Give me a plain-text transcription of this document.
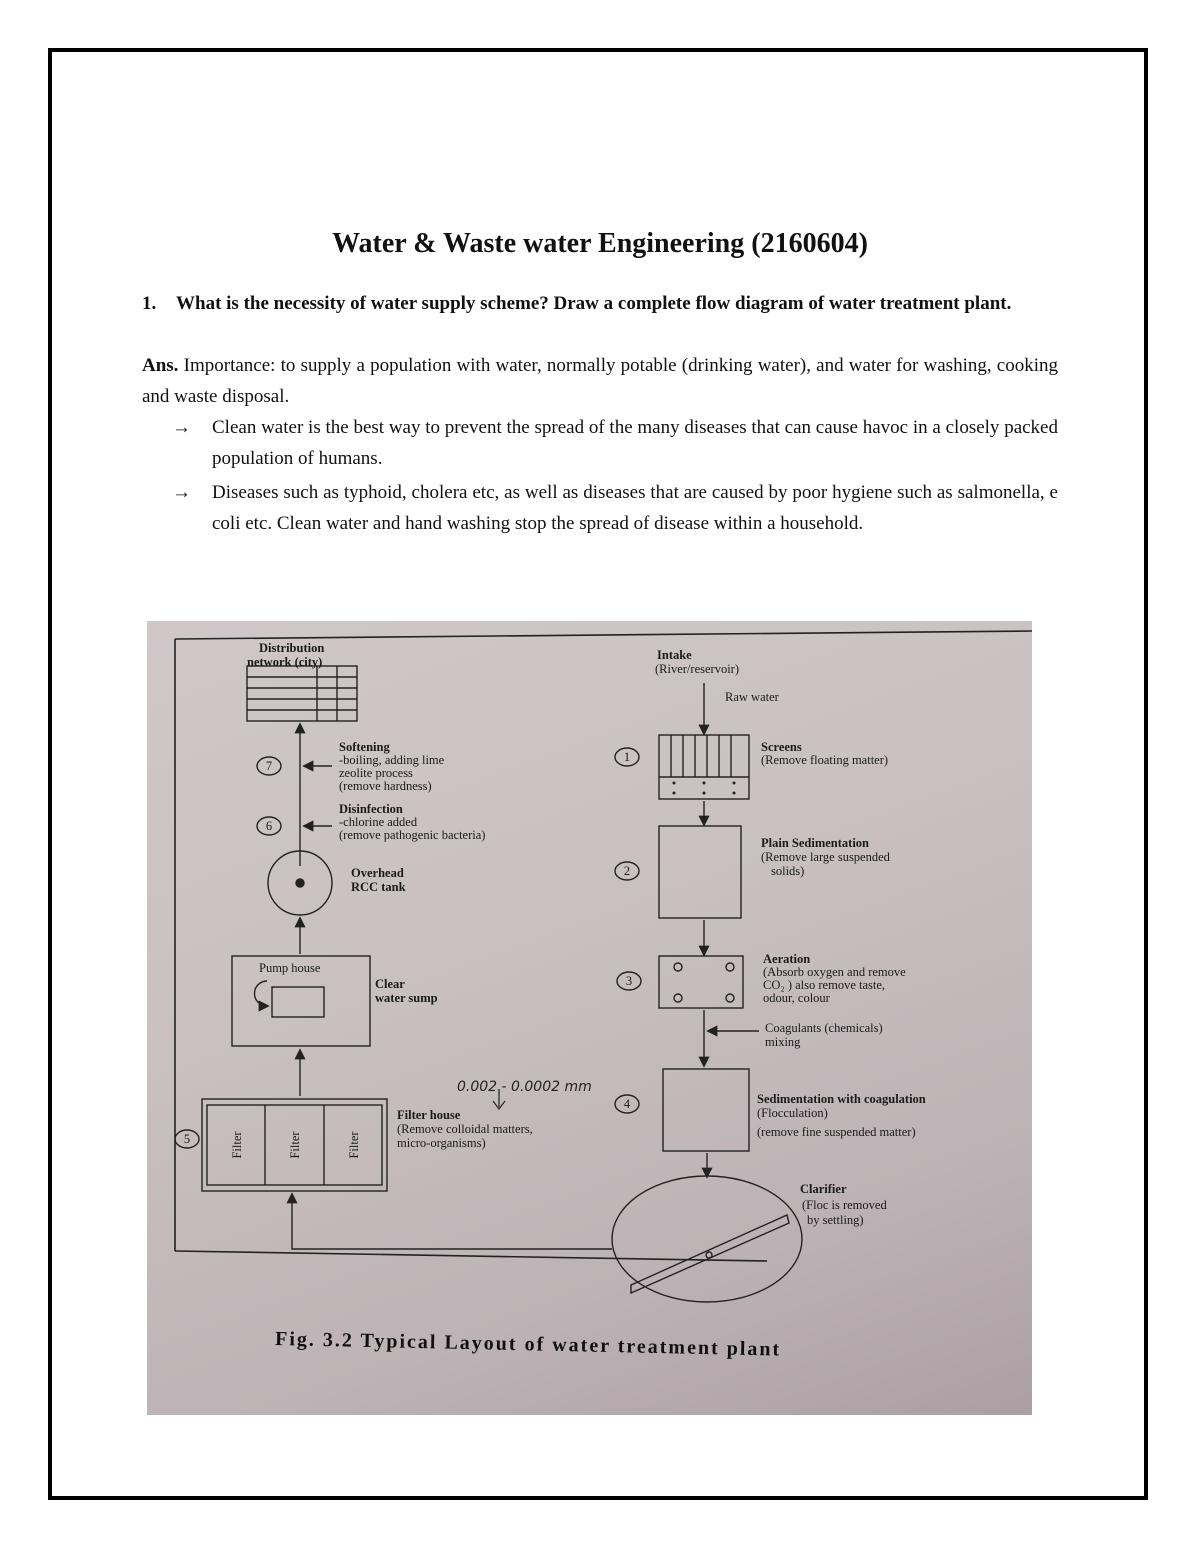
Water & Waste water Engineering (2160604)
1. What is the necessity of water supply scheme? Draw a complete flow diagram of water treatment plant.
Ans. Importance: to supply a population with water, normally potable (drinking water), and water for washing, cooking and waste disposal.
→ Clean water is the best way to prevent the spread of the many diseases that can cause havoc in a closely packed population of humans.
→ Diseases such as typhoid, cholera etc, as well as diseases that are caused by poor hygiene such as salmonella, e coli etc. Clean water and hand washing stop the spread of disease within a household.
7
6
1
2
3
4
5
Distribution
network (city)
Softening
-boiling, adding lime
zeolite process
(remove hardness)
Disinfection
-chlorine added
(remove pathogenic bacteria)
Overhead
RCC tank
Pump house
Clear
water sump
0.002 - 0.0002 mm
Filter house
(Remove colloidal matters,
micro-organisms)
Filter	Filter	Filter
Intake
(River/reservoir)
Raw water
Screens
(Remove floating matter)
Plain Sedimentation
(Remove large suspended
solids)
Aeration
(Absorb oxygen and remove
CO₂ ) also remove taste,
odour, colour
Coagulants (chemicals)
mixing
Sedimentation with coagulation
(Flocculation)
(remove fine suspended matter)
Clarifier
(Floc is removed
by settling)
Fig. 3.2 Typical Layout of water treatment plant
